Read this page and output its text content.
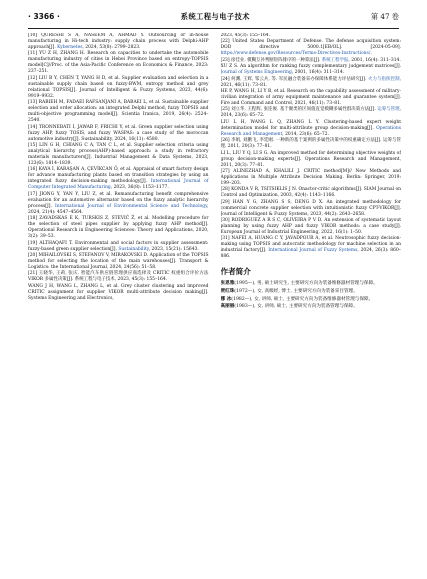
· 3366 ·	系统工程与电子技术	第 47 卷

[10] QURESHI S A, NASEEM A, AHMAD Y. Outsourcing or in-house manufacturing in Hi-tech industry: supply chain process with Delphi-AHP approach[J]. Kybernetes, 2024, 53(8): 2799–2823.

[11] YU Z H, ZHANG H. Research on capacities to undertake the automobile manufacturing industry of cities in Hebei Province based on entropy-TOPSIS model[C]//Proc. of the Asia-Pacific Conference on Economics & Finance, 2023: 237–251.

[12] LIU B Y, CHEN T, YANG H D, et al. Supplier evaluation and selection in a sustainable supply chain based on fuzzy-BWM, entropy method and grey relational TOPSIS[J]. Journal of Intelligent & Fuzzy Systems, 2023, 44(6): 9919–9932.

[13] RABIEH M, FADAEI RAFSANJANI A, BABAEI L, et al. Sustainable supplier selection and order allocation: an integrated Delphi method, fuzzy TOPSIS and multi-objective programming model[J]. Scientia Iranica, 2019, 26(4): 2524–2540.

[14] TRONNEBATI I, JAWAB F, FRICHI Y, et al. Green supplier selection using fuzzy AHP, fuzzy TOSIS, and fuzzy WASPAS: a case study of the moroccan automotive industry[J]. Sustainability, 2024, 16(11): 4580.

[15] LIN G H, CHIANG C A, TAN C L, et al. Supplier selection criteria using analytical hierarchy process(AHP)-based approach: a study in refractory materials manufacturers[J]. Industrial Management & Data Systems, 2023, 123(6): 1814–1839.

[16] KAYA I, KARAŞAN A, ÇEVİKCAN Ö, et al. Appraisal of smart factory design for advance manufacturing plants based on transition strategies by using an integrated fuzzy decision-making methodology[J]. International Journal of Computer Integrated Manufacturing, 2023, 36(8): 1153–1177.

[17] JIONG Y, YAN Y, LIU Z, et al. Remanufacturing benefit comprehensive evaluation for an automotive alternator based on the fuzzy analytic hierarchy process[J]. International Journal of Environmental Science and Technology, 2024, 21(4): 4547–4564.

[18] ZAVADSKAS E K, TURSKIS Z, STEVIĆ Ž, et al. Modelling procedure for the selection of steel pipes supplier by applying fuzzy AHP method[J]. Operational Research in Engineering Sciences: Theory and Applications, 2020, 3(2): 39–53.

[19] ALTHAQAFI T. Environmental and social factors in supplier assessment: fuzzy-based green supplier selection[J]. Sustainability, 2023, 15(21): 15643.

[20] MIHAILOVSKI S, STEFANOV V, MIRAKOVSKI D. Application of the TOPSIS method for selecting the location of the main warehouses[J]. Transport & Logistics: the International Journal, 2024, 24(56): 51–58.

[21] 王晓华, 王莉, 张庆. 智能汽车供应链管理供应商选择及 CRITIC 权重组合评价方法 VIKOR 多属性决策[J]. 系统工程与电子技术, 2023, 45(3): 155–164.

WANG J H, WANG L, ZHANG L, et al. Grey cluster clustering and improved CRITIC assignment for supplier VIKOR multi-attribute decision making[J]. Systems Engineering and Electronics,

2023, 45(3): 155–164.

[22] United States Department of Defense. The defense acquisition system: DOD directive 5000.1[EB/OL]. [2024-05-09]. https://www.defense.gov/Resources/Terms-Directives-Instructions/.

[23] 徐佳业. 模糊互补判断矩阵排序的一种算法[J]. 系统工程学报, 2001, 16(4): 311–314.

XU Z S. An algorithm for ranking fuzzy complementary judgement matrices[J]. Journal of Systems Engineering, 2001, 16(4): 311–314.

[24] 何渊, 王辉, 邹云兵, 等. 军民融合装备采办保障体系能力评估研究[J]. 火力与指挥控制, 2021, 46(11): 73–81.

HE P, WANG H, LI Y B, et al. Research on the capability assessment of military-civilian integration of army equipment maintenance and guarantee system[J]. Fire and Command and Control, 2021, 46(11): 73–81.

[25] 刘立华, 王程辉, 张连俊. 基于聚类的区间值直觉模糊多属性群决策方法[J]. 运筹与管理, 2014, 23(6): 65–72.

LIU L H, WANG L Q, ZHANG L Y. Clustering-based expert weight determination model for multi-attribute group decision-making[J]. Operations Research and Management, 2014, 23(6): 65–72.

[26] 李娟, 刘鹏飞, 李廷刚. 一种新的基于案例的多属性决策中的权重确定方法[J]. 运筹与管理, 2011, 20(3): 77–81.

LI L, LIU Y Q, LI S G. An improved method for determining objective weights of group decision-making experts[J]. Operations Research and Management, 2011, 20(3): 77–81.

[27] ALINEZHAD A, KHALILI J. CRITIC method[M]// New Methods and Applications in Multiple Attribute Decision Making. Berlin: Springer, 2019: 199–203.

[28] KONDA V R, TSITSIKLIS J N. Onactor-critic algorithms[J]. SIAM Journal on Control and Optimization, 2003, 42(4): 1143–1166.

[29] HAN Y G, ZHANG S S, DENG D X. An integrated methodology for commercial concrete supplier selection with intuitionistic fuzzy CPT-VIKOR[J]. Journal of Intelligent & Fuzzy Systems, 2023, 44(2): 2643–2658.

[30] RODRIGUEZ A R S C, OLIVEIRA P V D. An extension of systematic layout planning by using fuzzy AHP and fuzzy VIKOR methods: a case study[J]. European Journal of Industrial Engineering, 2022, 16(1): 1–50.

[31] NAFEI A, HUANG C Y, JAVADPOUR A, et al. Neutrosophic fuzzy decision-making using TOPSIS and autocratic methodology for machine selection in an industrial factory[J]. International Journal of Fuzzy Systems, 2024, 26(3): 860–886.

作者简介

张恩雅(1995—), 男, 硕士研究生, 主要研究方向为装备维修器材管理与保障。

贾红珠(1972—), 女, 高级经, 博士, 主要研究方向为装备采目管理。

娜 冰(1982—), 女, 讲师, 硕士, 主要研究方向为装备维修器材管理与保障。

高丽丽(1983—), 女, 讲师, 硕士, 主要研究方向为装备管理与保障。
